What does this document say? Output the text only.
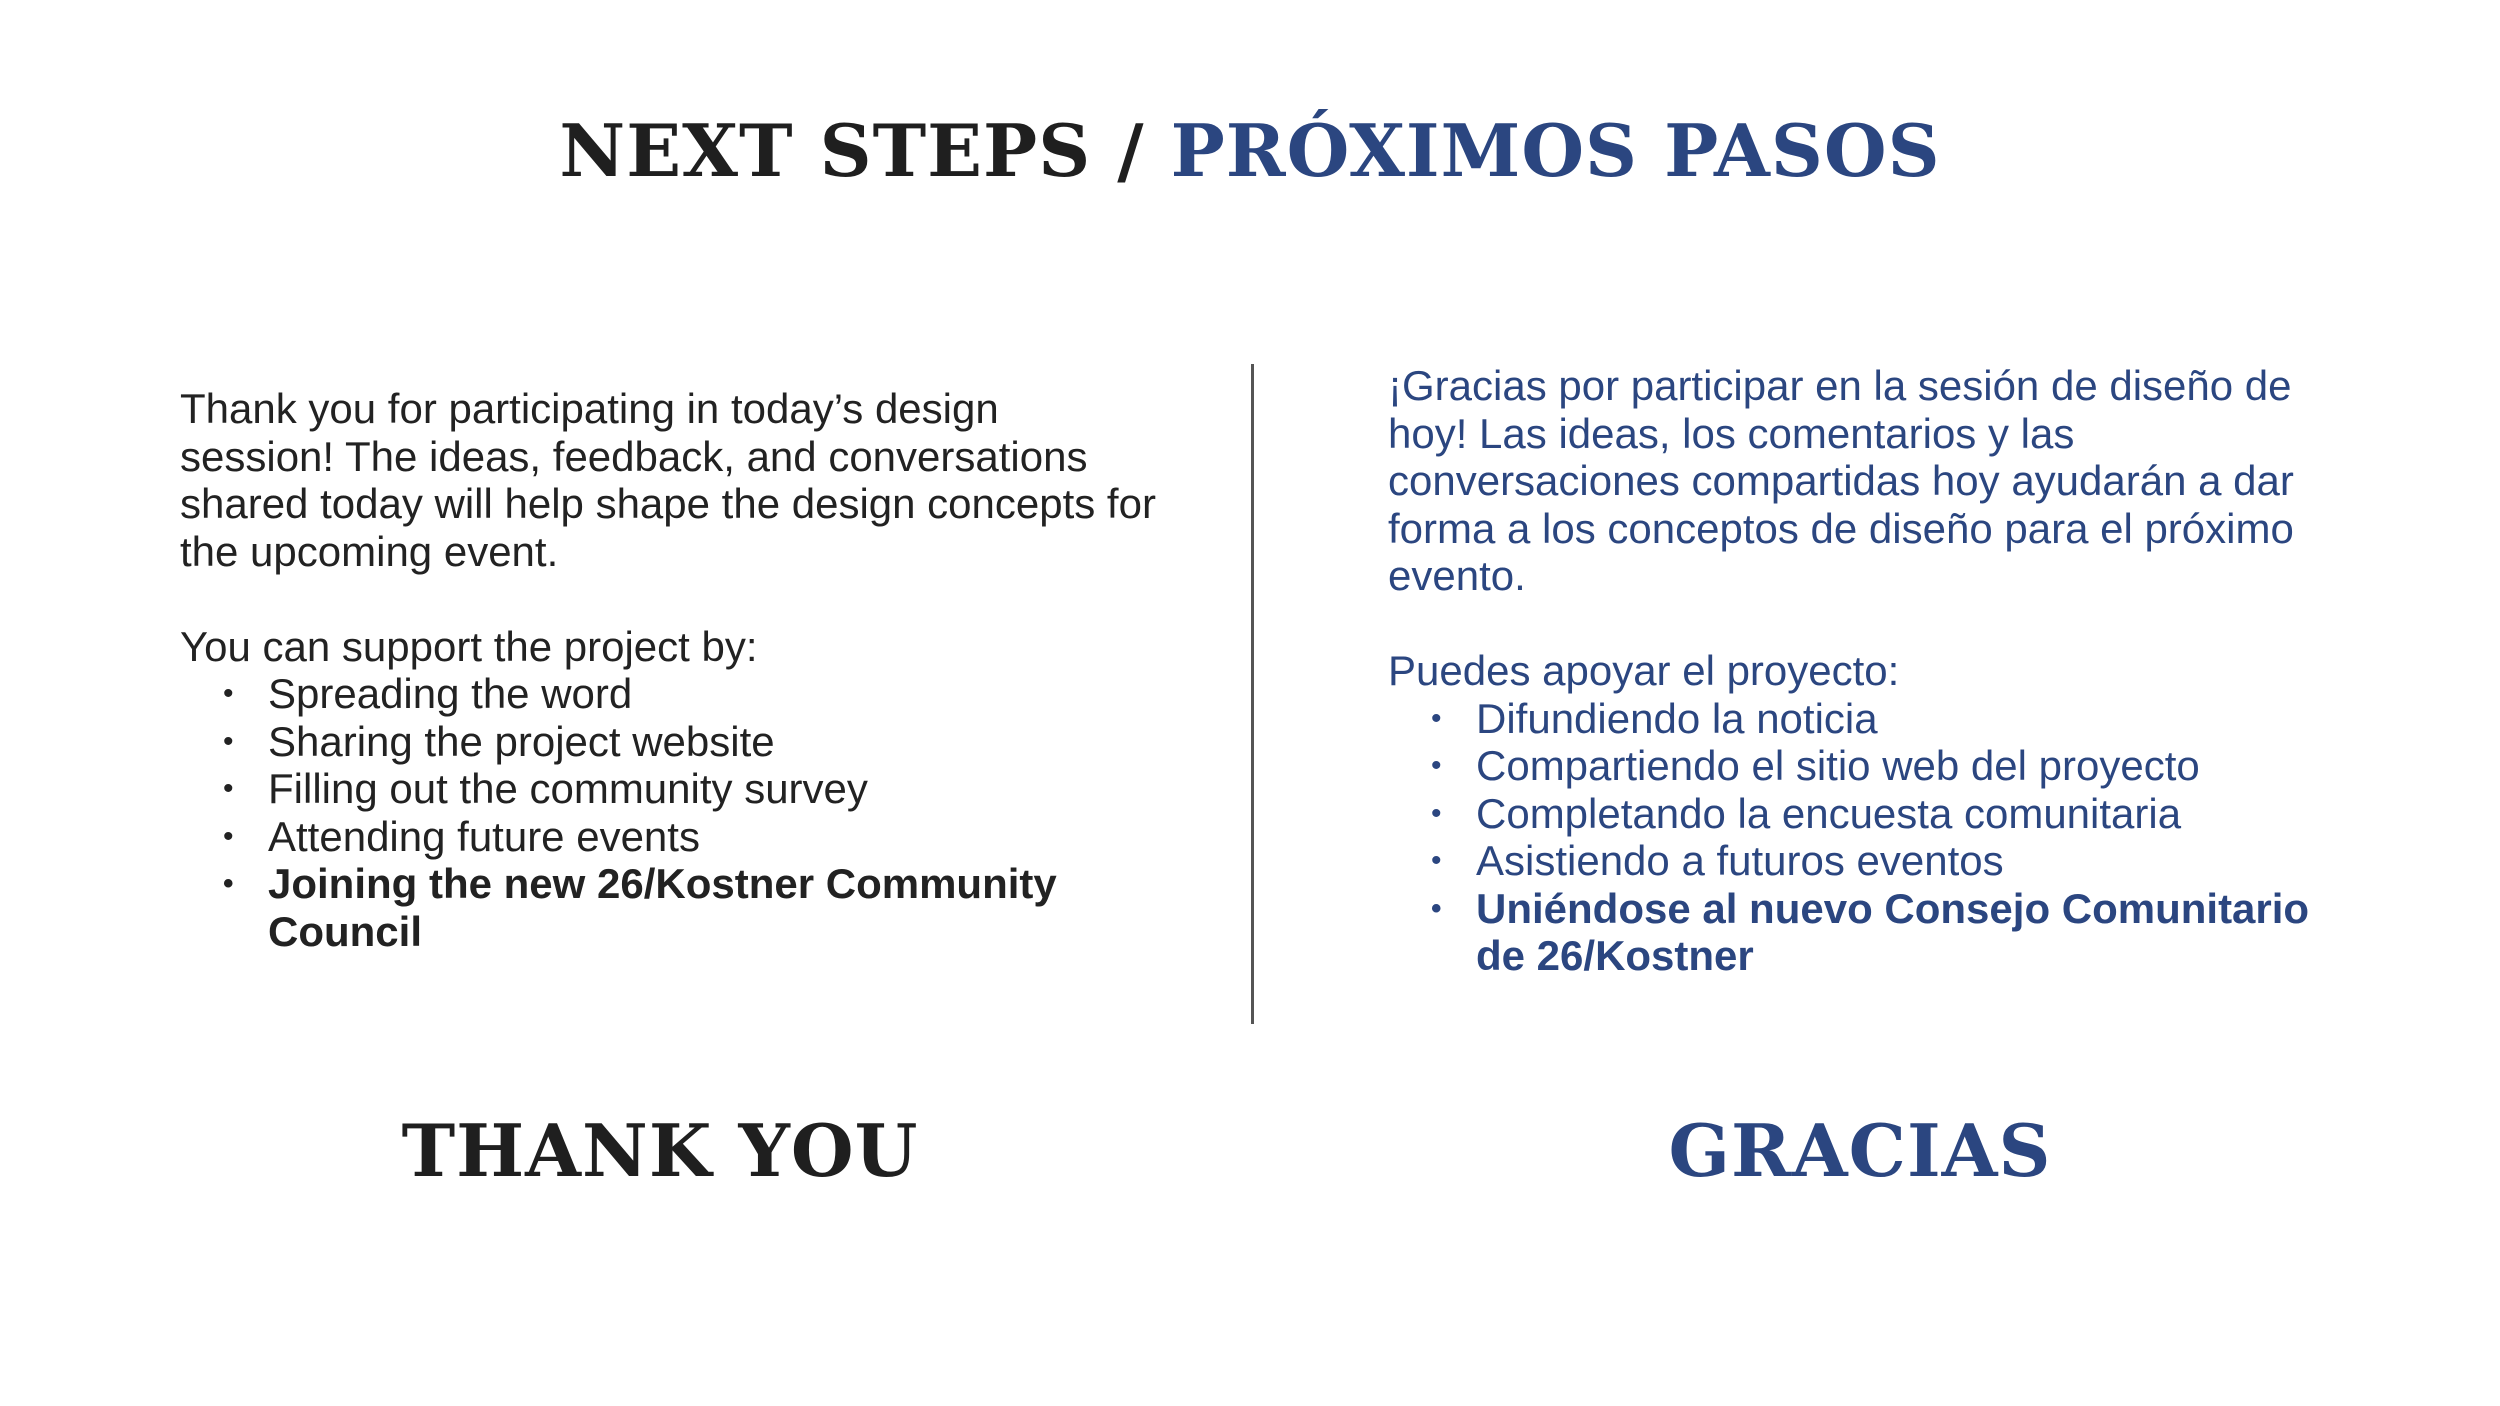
NEXT STEPS / PRÓXIMOS PASOS

Thank you for participating in today’s design session! The ideas, feedback, and conversations shared today will help shape the design concepts for the upcoming event.

You can support the project by:

• Spreading the word
• Sharing the project website
• Filling out the community survey
• Attending future events
• Joining the new 26/Kostner Community Council

¡Gracias por participar en la sesión de diseño de hoy! Las ideas, los comentarios y las conversaciones compartidas hoy ayudarán a dar forma a los conceptos de diseño para el próximo evento.

Puedes apoyar el proyecto:

• Difundiendo la noticia
• Compartiendo el sitio web del proyecto
• Completando la encuesta comunitaria
• Asistiendo a futuros eventos
• Uniéndose al nuevo Consejo Comunitario de 26/Kostner
THANK YOU	GRACIAS
